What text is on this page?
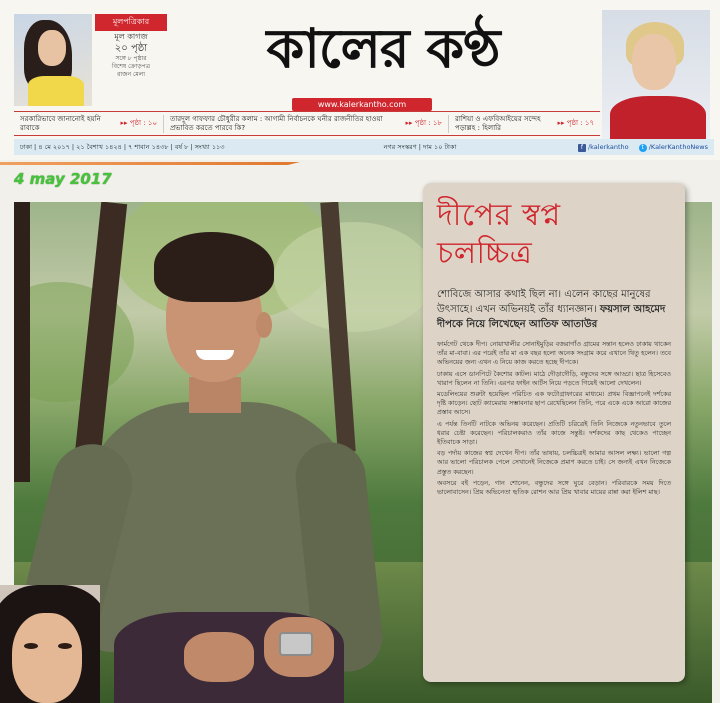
মূলপত্রিকার
মূল কাগজ
২০ পৃষ্ঠা
সঙ্গে ৮ পৃষ্ঠার
বিশেষ ক্রোড়পত্র
রাজন মেলা	কালের কণ্ঠ
www.kalerkantho.com
সরকারিভাবে জানানোই হয়নি রাবাকে
▸▸ পৃষ্ঠা : ১০
তারদুল গাফফার চৌধুরীর কলাম : আগামী নির্বাচনকে ঘনীর রাজনীতির হাওয়া প্রভাবিত করতে পারবে কি?
▸▸ পৃষ্ঠা : ১৮
রাশিয়া ও এফবিআইয়ের সন্দেহ পড়াল্লহ : হিলারি
▸▸ পৃষ্ঠা : ১৭
ঢাকা | ৪ মে ২০১৭ | ২১ বৈশাখ ১৪২৪ | ৭ শাবান ১৪৩৮ | বর্ষ ৮ | সংখ্যা ১১৩	নগর সংস্করণ | দাম ১০ টাকা	f /kalerkantho t /KalerKanthoNews
4 may 2017
দীপের স্বপ্ন
চলচ্চিত্র

শোবিজে আসার কথাই ছিল না। এলেন কাছের মানুষের উৎসাহে। এখন অভিনয়ই তাঁর ধ্যানজ্ঞান। ফয়সাল আহমেদ দীপকে নিয়ে লিখেছেন আতিফ আতাউর

ফার্মগেট থেকে দীপ। নোয়াখালীর সোনাইমুড়ির বজরাগাঁও গ্রামের সন্তান হলেও ঢাকায় থাকেন তাঁর মা-বাবা। এর পরেই তাঁর মা এক বছর হলো অনেক সংগ্রাম করে এখানে থিতু হলেন। তবে অভিনয়ের জন্য এখন এ নিয়ে কাজ করতে হচ্ছে দীপকে।

ঢাকায় এসে ডানপিটে কৈশোর কাটল। মাঠে দৌড়াদৌড়ি, বন্ধুদের সঙ্গে আড্ডা। ছাত্র হিসেবেও খারাপ ছিলেন না তিনি। এরপর ফাইন আর্টস নিয়ে পড়তে গিয়েই আলো দেখলেন।

মডেলিংয়ের শুরুটা হয়েছিল পরিচিত এক ফটোগ্রাফারের মাধ্যমে। প্রথম বিজ্ঞাপনেই দর্শকের দৃষ্টি কাড়েন। ছোট ক্যামেরায় সম্ভাবনার ছাপ রেখেছিলেন তিনি, পরে একে একে আরো কাজের প্রস্তাব আসে।

এ পর্যন্ত তিনটি নাটকে অভিনয় করেছেন। প্রতিটি চরিত্রেই তিনি নিজেকে নতুনভাবে তুলে ধরার চেষ্টা করেছেন। পরিচালকরাও তাঁর কাজে সন্তুষ্ট। দর্শকদের কাছ থেকেও পাচ্ছেন ইতিবাচক সাড়া।

বড় পর্দায় কাজের স্বপ্ন দেখেন দীপ। তাঁর ভাষায়, চলচ্চিত্রই আমার আসল লক্ষ্য। ভালো গল্প আর ভালো পরিচালক পেলে সেখানেই নিজেকে প্রমাণ করতে চাই। সে জন্যই এখন নিজেকে প্রস্তুত করছেন।

অবসরে বই পড়েন, গান শোনেন, বন্ধুদের সঙ্গে ঘুরে বেড়ান। পরিবারকে সময় দিতে ভালোবাসেন। প্রিয় অভিনেতা হৃতিক রোশন আর প্রিয় খাবার মায়ের রান্না করা ইলিশ মাছ।
